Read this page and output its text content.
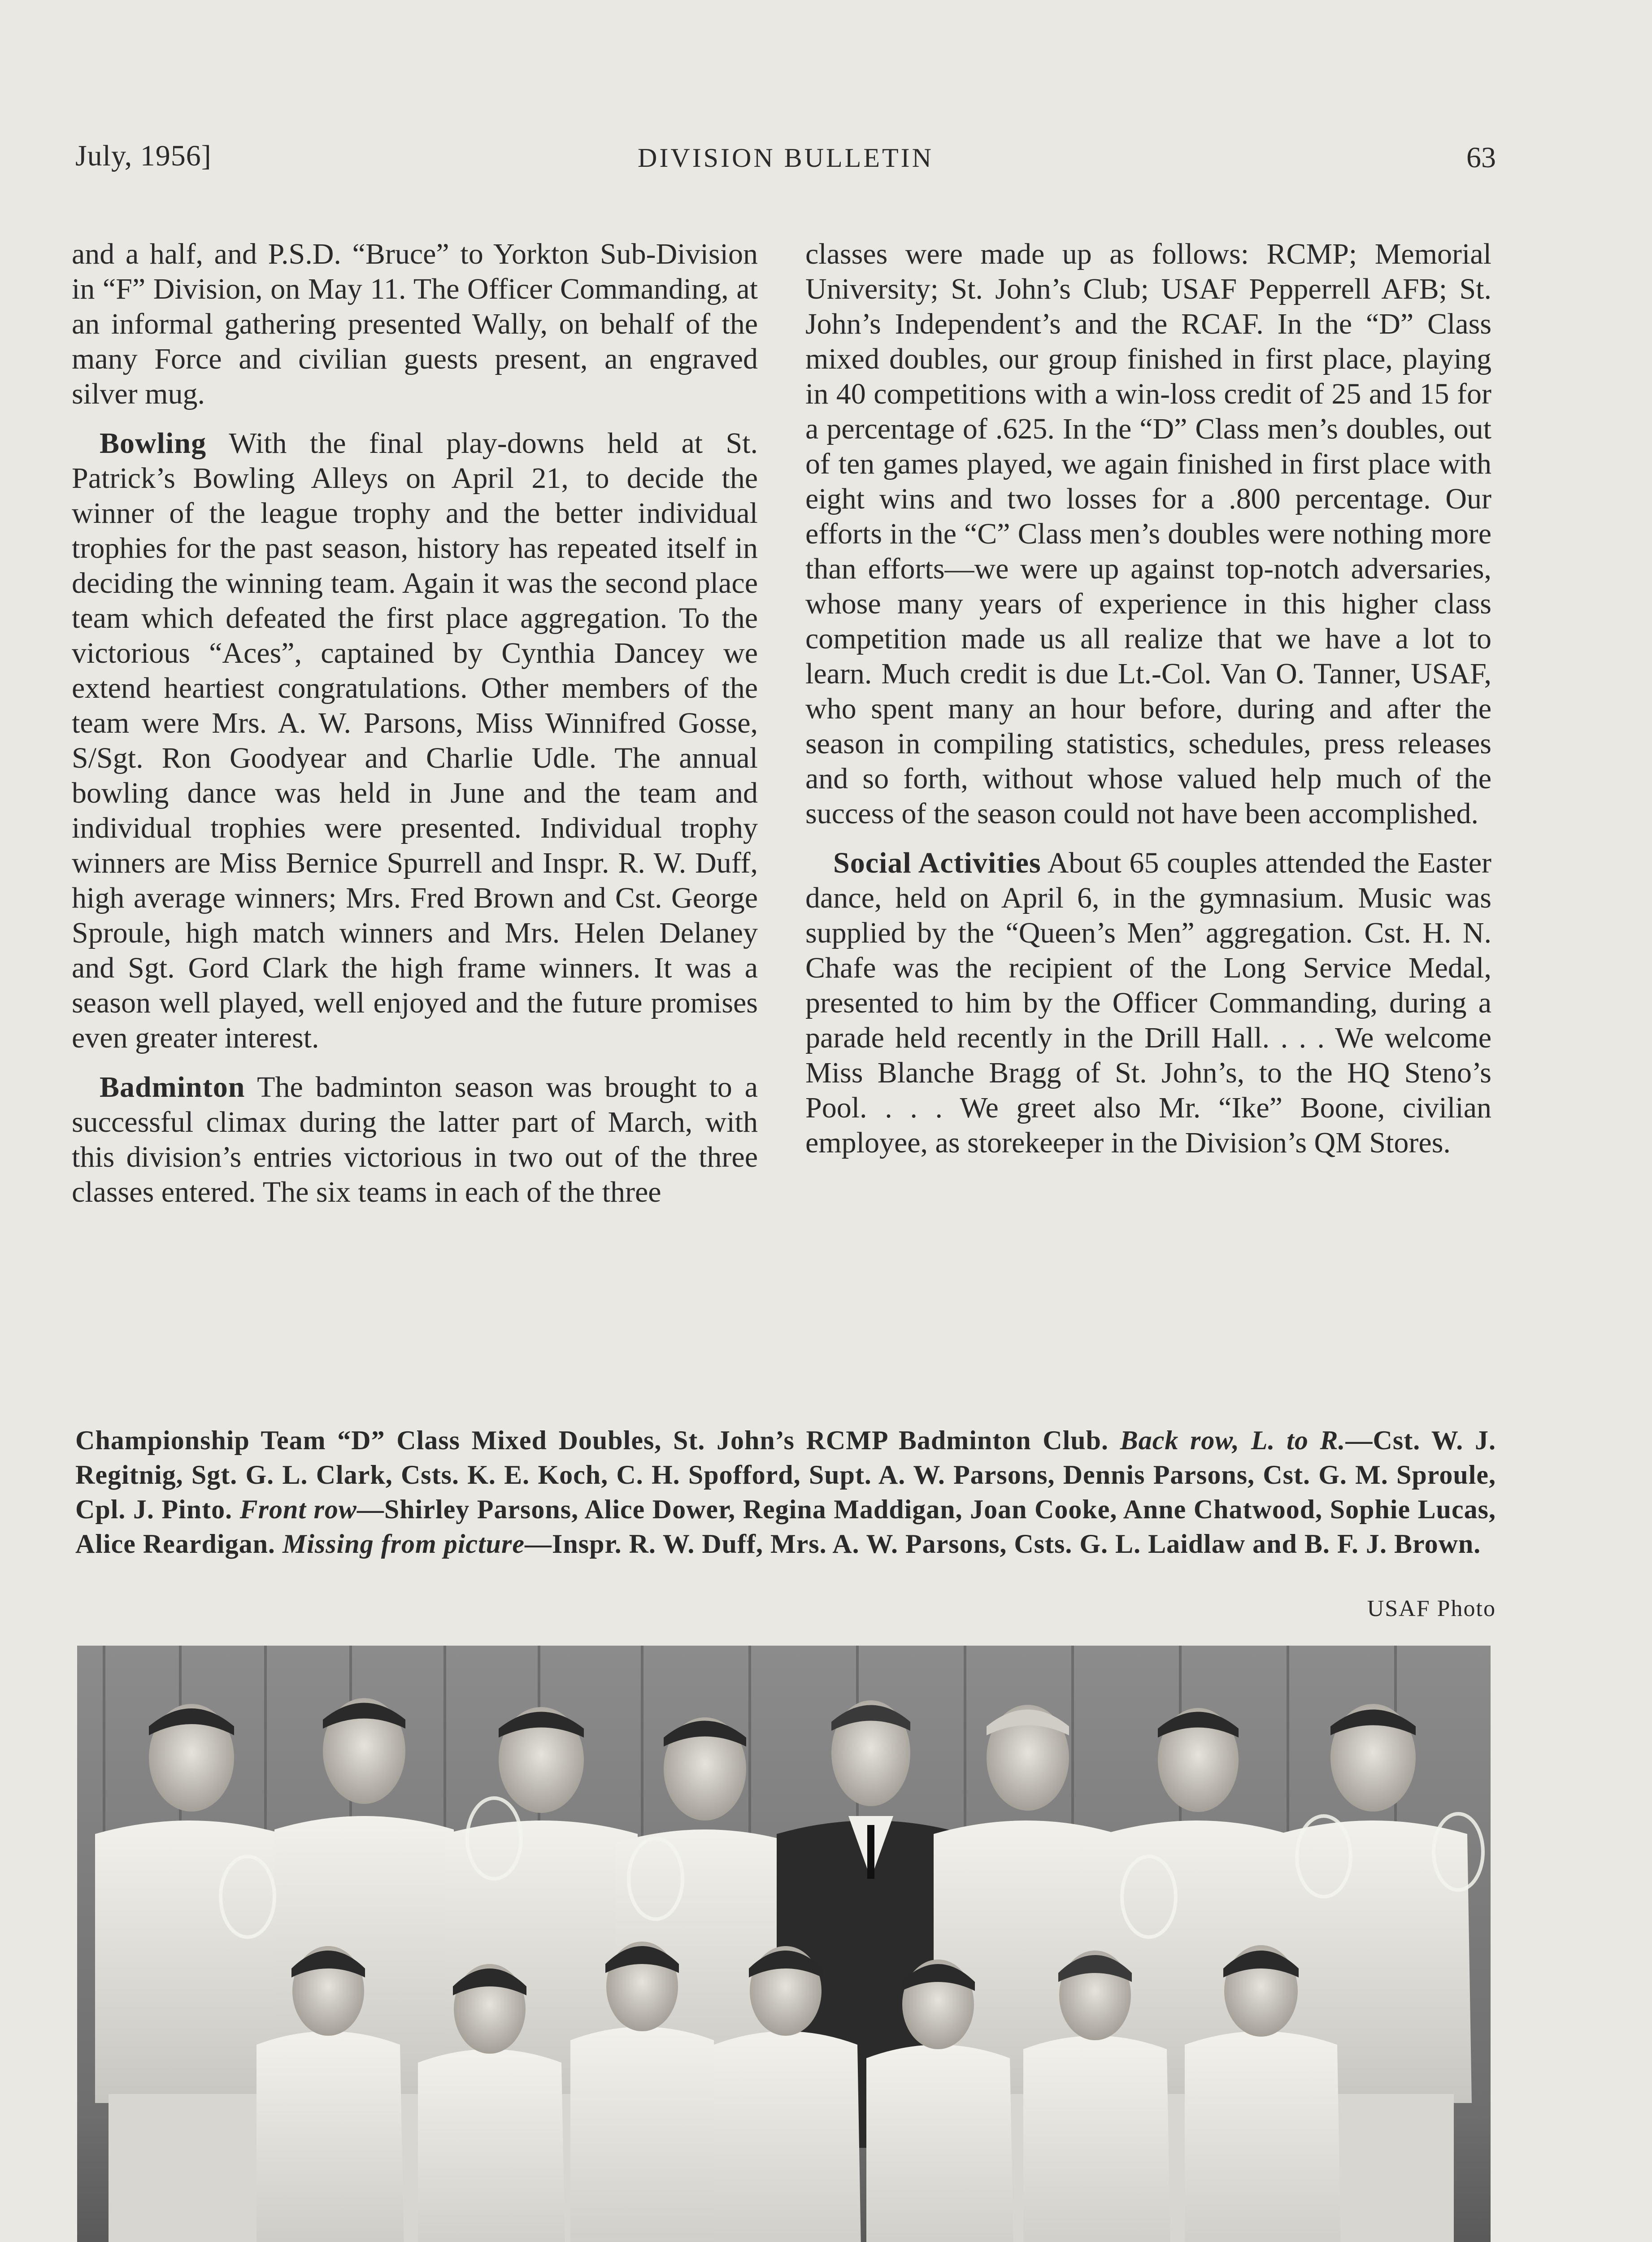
July, 1956]	DIVISION BULLETIN	63

and a half, and P.S.D. “Bruce” to Yorkton Sub-Division in “F” Division, on May 11. The Officer Commanding, at an informal gathering presented Wally, on behalf of the many Force and civilian guests present, an engraved silver mug.

Bowling With the final play-downs held at St. Patrick’s Bowling Alleys on April 21, to decide the winner of the league trophy and the better individual trophies for the past season, history has repeated itself in deciding the winning team. Again it was the second place team which defeated the first place aggregation. To the victorious “Aces”, captained by Cynthia Dancey we extend heartiest congratulations. Other members of the team were Mrs. A. W. Parsons, Miss Winnifred Gosse, S/Sgt. Ron Goodyear and Charlie Udle. The annual bowling dance was held in June and the team and individual trophies were presented. Individual trophy winners are Miss Bernice Spurrell and Inspr. R. W. Duff, high average winners; Mrs. Fred Brown and Cst. George Sproule, high match winners and Mrs. Helen Delaney and Sgt. Gord Clark the high frame winners. It was a season well played, well enjoyed and the future promises even greater interest.

Badminton The badminton season was brought to a successful climax during the latter part of March, with this division’s entries victorious in two out of the three classes entered. The six teams in each of the three

classes were made up as follows: RCMP; Memorial University; St. John’s Club; USAF Pepperrell AFB; St. John’s Independent’s and the RCAF. In the “D” Class mixed doubles, our group finished in first place, playing in 40 competitions with a win-loss credit of 25 and 15 for a percentage of .625. In the “D” Class men’s doubles, out of ten games played, we again finished in first place with eight wins and two losses for a .800 percentage. Our efforts in the “C” Class men’s doubles were nothing more than efforts—we were up against top-notch adversaries, whose many years of experience in this higher class competition made us all realize that we have a lot to learn. Much credit is due Lt.-Col. Van O. Tanner, USAF, who spent many an hour before, during and after the season in compiling statistics, schedules, press releases and so forth, without whose valued help much of the success of the season could not have been accomplished.

Social Activities About 65 couples attended the Easter dance, held on April 6, in the gymnasium. Music was supplied by the “Queen’s Men” aggregation. Cst. H. N. Chafe was the recipient of the Long Service Medal, presented to him by the Officer Commanding, during a parade held recently in the Drill Hall. . . . We welcome Miss Blanche Bragg of St. John’s, to the HQ Steno’s Pool. . . . We greet also Mr. “Ike” Boone, civilian employee, as storekeeper in the Division’s QM Stores.

Championship Team “D” Class Mixed Doubles, St. John’s RCMP Badminton Club. Back row, L. to R.—Cst. W. J. Regitnig, Sgt. G. L. Clark, Csts. K. E. Koch, C. H. Spofford, Supt. A. W. Parsons, Dennis Parsons, Cst. G. M. Sproule, Cpl. J. Pinto. Front row—Shirley Parsons, Alice Dower, Regina Maddigan, Joan Cooke, Anne Chatwood, Sophie Lucas, Alice Reardigan. Missing from picture—Inspr. R. W. Duff, Mrs. A. W. Parsons, Csts. G. L. Laidlaw and B. F. J. Brown.
USAF Photo
